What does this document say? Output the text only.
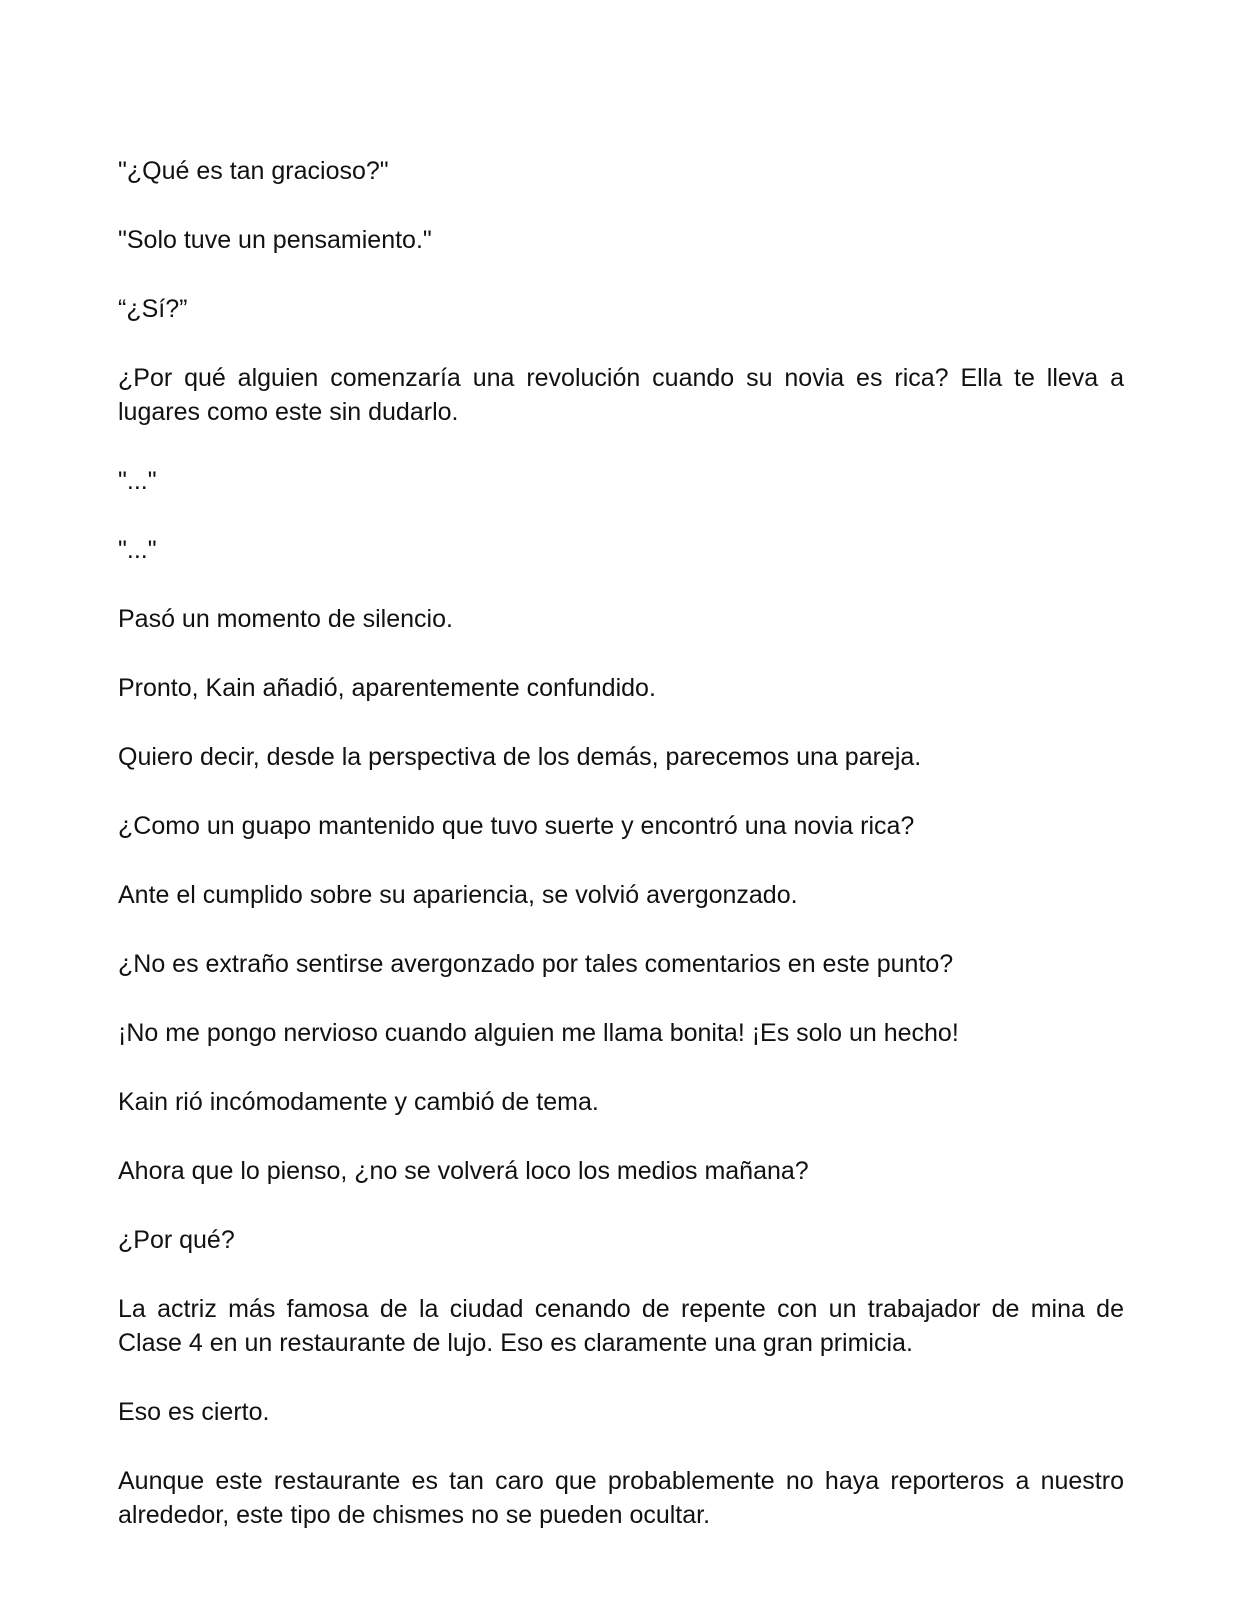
"¿Qué es tan gracioso?"

"Solo tuve un pensamiento."

“¿Sí?”

¿Por qué alguien comenzaría una revolución cuando su novia es rica? Ella te lleva a lugares como este sin dudarlo.

"..."

"..."

Pasó un momento de silencio.

Pronto, Kain añadió, aparentemente confundido.

Quiero decir, desde la perspectiva de los demás, parecemos una pareja.

¿Como un guapo mantenido que tuvo suerte y encontró una novia rica?

Ante el cumplido sobre su apariencia, se volvió avergonzado.

¿No es extraño sentirse avergonzado por tales comentarios en este punto?

¡No me pongo nervioso cuando alguien me llama bonita! ¡Es solo un hecho!

Kain rió incómodamente y cambió de tema.

Ahora que lo pienso, ¿no se volverá loco los medios mañana?

¿Por qué?

La actriz más famosa de la ciudad cenando de repente con un trabajador de mina de Clase 4 en un restaurante de lujo. Eso es claramente una gran primicia.

Eso es cierto.

Aunque este restaurante es tan caro que probablemente no haya reporteros a nuestro alrededor, este tipo de chismes no se pueden ocultar.
